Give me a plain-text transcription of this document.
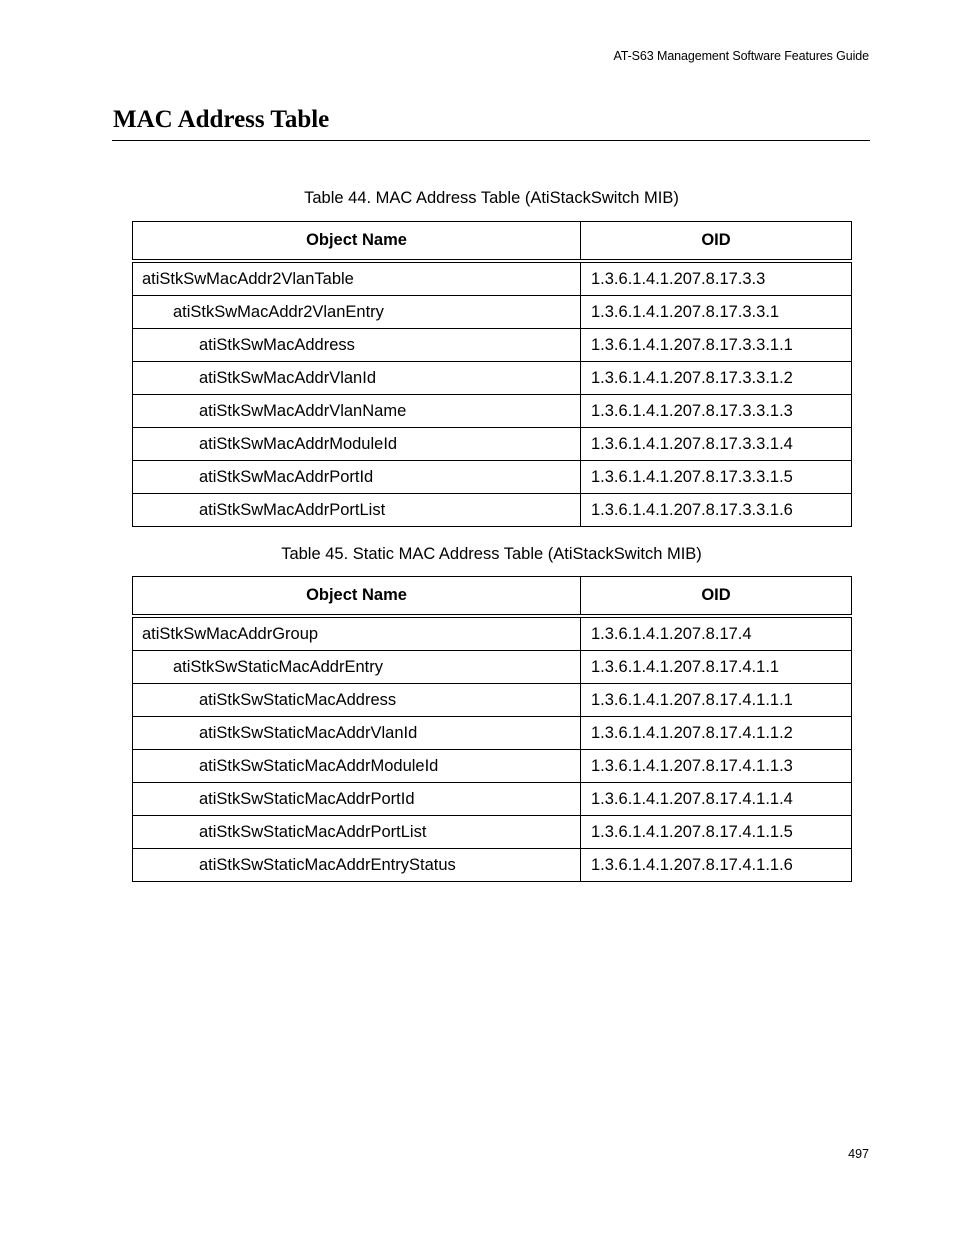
AT-S63 Management Software Features Guide
MAC Address Table
Table 44. MAC Address Table (AtiStackSwitch MIB)
Object Name	OID
atiStkSwMacAddr2VlanTable	1.3.6.1.4.1.207.8.17.3.3
atiStkSwMacAddr2VlanEntry	1.3.6.1.4.1.207.8.17.3.3.1
atiStkSwMacAddress	1.3.6.1.4.1.207.8.17.3.3.1.1
atiStkSwMacAddrVlanId	1.3.6.1.4.1.207.8.17.3.3.1.2
atiStkSwMacAddrVlanName	1.3.6.1.4.1.207.8.17.3.3.1.3
atiStkSwMacAddrModuleId	1.3.6.1.4.1.207.8.17.3.3.1.4
atiStkSwMacAddrPortId	1.3.6.1.4.1.207.8.17.3.3.1.5
atiStkSwMacAddrPortList	1.3.6.1.4.1.207.8.17.3.3.1.6
Table 45. Static MAC Address Table (AtiStackSwitch MIB)
Object Name	OID
atiStkSwMacAddrGroup	1.3.6.1.4.1.207.8.17.4
atiStkSwStaticMacAddrEntry	1.3.6.1.4.1.207.8.17.4.1.1
atiStkSwStaticMacAddress	1.3.6.1.4.1.207.8.17.4.1.1.1
atiStkSwStaticMacAddrVlanId	1.3.6.1.4.1.207.8.17.4.1.1.2
atiStkSwStaticMacAddrModuleId	1.3.6.1.4.1.207.8.17.4.1.1.3
atiStkSwStaticMacAddrPortId	1.3.6.1.4.1.207.8.17.4.1.1.4
atiStkSwStaticMacAddrPortList	1.3.6.1.4.1.207.8.17.4.1.1.5
atiStkSwStaticMacAddrEntryStatus	1.3.6.1.4.1.207.8.17.4.1.1.6
497
